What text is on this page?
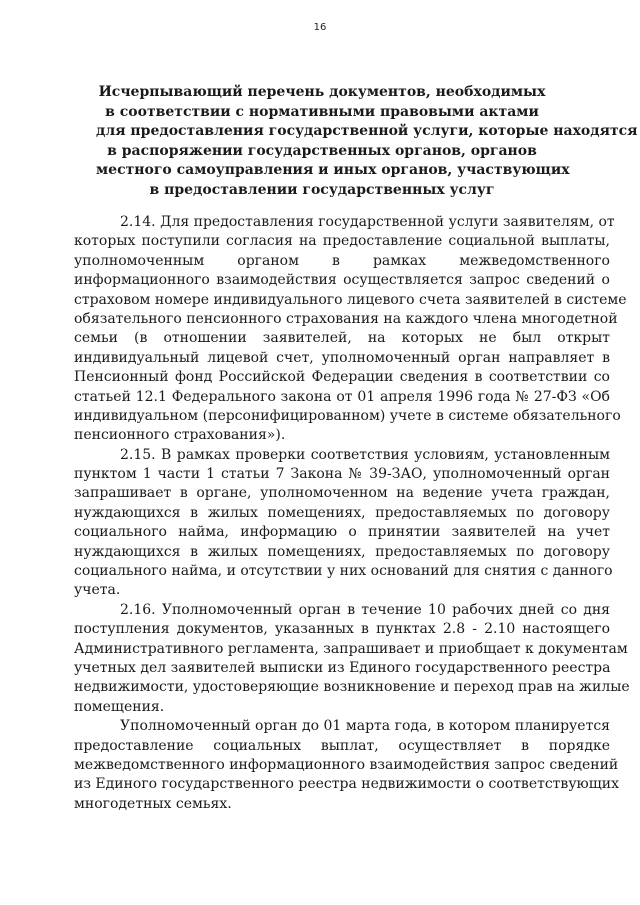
16
Исчерпывающий перечень документов, необходимых
в соответствии с нормативными правовыми актами
для предоставления государственной услуги, которые находятся
в распоряжении государственных органов, органов
местного самоуправления и иных органов, участвующих
в предоставлении государственных услуг
2.14. Для предоставления государственной услуги заявителям, от
которых поступили согласия на предоставление социальной выплаты,
уполномоченным органом в рамках межведомственного
информационного взаимодействия осуществляется запрос сведений о
страховом номере индивидуального лицевого счета заявителей в системе
обязательного пенсионного страхования на каждого члена многодетной
семьи (в отношении заявителей, на которых не был открыт
индивидуальный лицевой счет, уполномоченный орган направляет в
Пенсионный фонд Российской Федерации сведения в соответствии со
статьей 12.1 Федерального закона от 01 апреля 1996 года № 27-ФЗ «Об
индивидуальном (персонифицированном) учете в системе обязательного
пенсионного страхования»).
2.15. В рамках проверки соответствия условиям, установленным
пунктом 1 части 1 статьи 7 Закона № 39-ЗАО, уполномоченный орган
запрашивает в органе, уполномоченном на ведение учета граждан,
нуждающихся в жилых помещениях, предоставляемых по договору
социального найма, информацию о принятии заявителей на учет
нуждающихся в жилых помещениях, предоставляемых по договору
социального найма, и отсутствии у них оснований для снятия с данного
учета.
2.16. Уполномоченный орган в течение 10 рабочих дней со дня
поступления документов, указанных в пунктах 2.8 - 2.10 настоящего
Административного регламента, запрашивает и приобщает к документам
учетных дел заявителей выписки из Единого государственного реестра
недвижимости, удостоверяющие возникновение и переход прав на жилые
помещения.
Уполномоченный орган до 01 марта года, в котором планируется
предоставление социальных выплат, осуществляет в порядке
межведомственного информационного взаимодействия запрос сведений
из Единого государственного реестра недвижимости о соответствующих
многодетных семьях.
